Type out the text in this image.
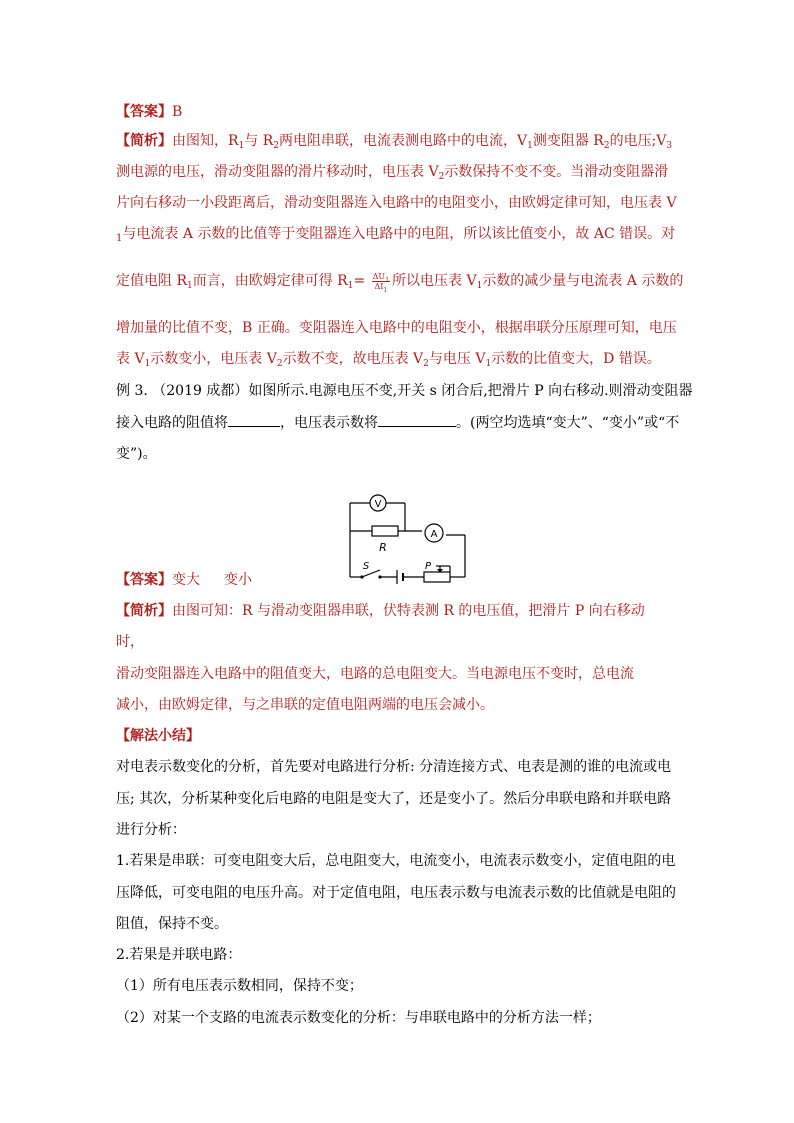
【答案】B
【简析】由图知，$R_1$与 $R_2$两电阻串联，电流表测电路中的电流，$V_1$测变阻器 $R_2$的电压$;V_3$
测电源的电压，滑动变阻器的滑片移动时，电压表 $V_2$示数保持不变不变。当滑动变阻器滑
片向右移动一小段距离后，滑动变阻器连入电路中的电阻变小，由欧姆定律可知，电压表 V
$_1$与电流表 A 示数的比值等于变阻器连入电路中的电阻，所以该比值变小，故 AC 错误。对
定值电阻 $R_1$而言，由欧姆定律可得 $R_1= \frac{\Delta U_1}{\Delta I_1}$ 所以电压表 $V_1$示数的减少量与电流表 A 示数的
增加量的比值不变，B 正确。变阻器连入电路中的电阻变小，根据串联分压原理可知，电压
表 $V_1$示数变小，电压表 $V_2$示数不变，故电压表 $V_2$与电压 $V_1$示数的比值变大，D 错误。
例 3. （2019 成都）如图所示.电源电压不变,开关 s 闭合后,把滑片 P 向右移动.则滑动变阻器
接入电路的阻值将	，电压表示数将	。(两空均选填“变大”、“变小”或“不
变”)。
V
A
R
S	P
【答案】变大 变小
【简析】由图可知：R 与滑动变阻器串联，伏特表测 R 的电压值，把滑片 P 向右移动
时，
滑动变阻器连入电路中的阻值变大，电路的总电阻变大。当电源电压不变时，总电流
减小，由欧姆定律，与之串联的定值电阻两端的电压会减小。
【解法小结】
对电表示数变化的分析，首先要对电路进行分析: 分清连接方式、电表是测的谁的电流或电
压; 其次，分析某种变化后电路的电阻是变大了，还是变小了。然后分串联电路和并联电路
进行分析：
1.若果是串联：可变电阻变大后，总电阻变大，电流变小，电流表示数变小，定值电阻的电
压降低，可变电阻的电压升高。对于定值电阻，电压表示数与电流表示数的比值就是电阻的
阻值，保持不变。
2.若果是并联电路：
（1）所有电压表示数相同，保持不变；
（2）对某一个支路的电流表示数变化的分析：与串联电路中的分析方法一样；
